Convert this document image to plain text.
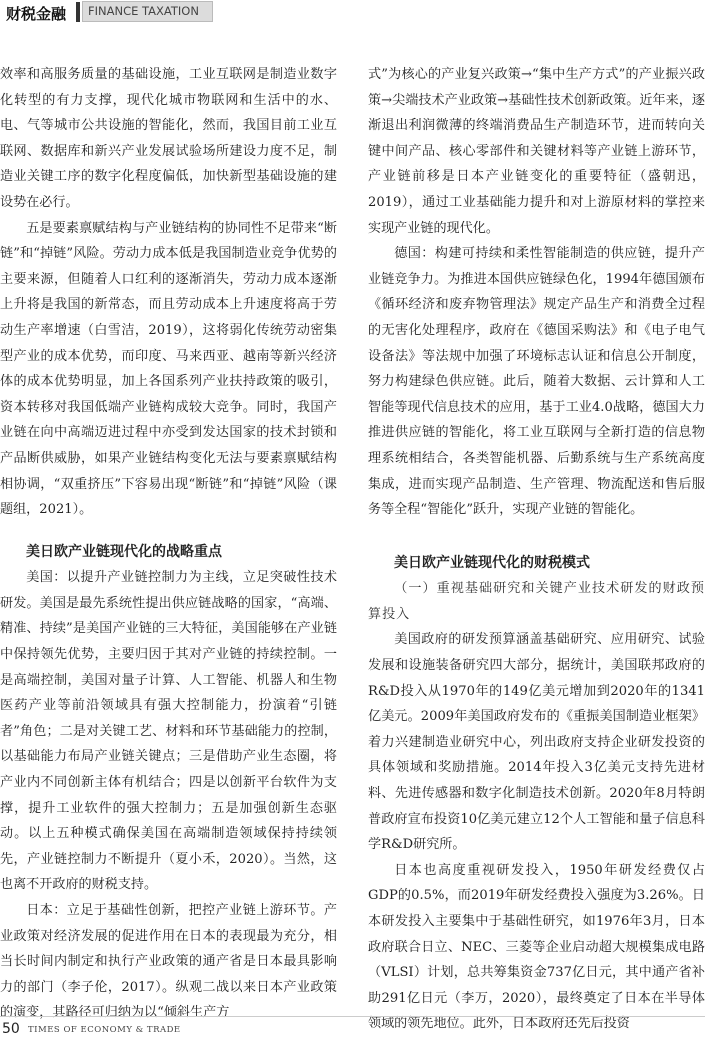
财税金融	FINANCE TAXATION

效率和高服务质量的基础设施，工业互联网是制造业数字化转型的有力支撑，现代化城市物联网和生活中的水、电、气等城市公共设施的智能化，然而，我国目前工业互联网、数据库和新兴产业发展试验场所建设力度不足，制造业关键工序的数字化程度偏低，加快新型基础设施的建设势在必行。

五是要素禀赋结构与产业链结构的协同性不足带来“断链”和“掉链”风险。劳动力成本低是我国制造业竞争优势的主要来源，但随着人口红利的逐渐消失，劳动力成本逐渐上升将是我国的新常态，而且劳动成本上升速度将高于劳动生产率增速（白雪洁，2019），这将弱化传统劳动密集型产业的成本优势，而印度、马来西亚、越南等新兴经济体的成本优势明显，加上各国系列产业扶持政策的吸引，资本转移对我国低端产业链构成较大竞争。同时，我国产业链在向中高端迈进过程中亦受到发达国家的技术封锁和产品断供威胁，如果产业链结构变化无法与要素禀赋结构相协调，“双重挤压”下容易出现“断链”和“掉链”风险（课题组，2021）。

美日欧产业链现代化的战略重点

美国：以提升产业链控制力为主线，立足突破性技术研发。美国是最先系统性提出供应链战略的国家，“高端、精准、持续”是美国产业链的三大特征，美国能够在产业链中保持领先优势，主要归因于其对产业链的持续控制。一是高端控制，美国对量子计算、人工智能、机器人和生物医药产业等前沿领域具有强大控制能力，扮演着“引链者”角色；二是对关键工艺、材料和环节基础能力的控制，以基础能力布局产业链关键点；三是借助产业生态圈，将产业内不同创新主体有机结合；四是以创新平台软件为支撑，提升工业软件的强大控制力；五是加强创新生态驱动。以上五种模式确保美国在高端制造领域保持持续领先，产业链控制力不断提升（夏小禾，2020）。当然，这也离不开政府的财税支持。

日本：立足于基础性创新，把控产业链上游环节。产业政策对经济发展的促进作用在日本的表现最为充分，相当长时间内制定和执行产业政策的通产省是日本最具影响力的部门（李子伦，2017）。纵观二战以来日本产业政策的演变，其路径可归纳为以“倾斜生产方

式”为核心的产业复兴政策→“集中生产方式”的产业振兴政策→尖端技术产业政策→基础性技术创新政策。近年来，逐渐退出利润微薄的终端消费品生产制造环节，进而转向关键中间产品、核心零部件和关键材料等产业链上游环节，产业链前移是日本产业链变化的重要特征（盛朝迅，2019），通过工业基础能力提升和对上游原材料的掌控来实现产业链的现代化。

德国：构建可持续和柔性智能制造的供应链，提升产业链竞争力。为推进本国供应链绿色化，1994年德国颁布《循环经济和废弃物管理法》规定产品生产和消费全过程的无害化处理程序，政府在《德国采购法》和《电子电气设备法》等法规中加强了环境标志认证和信息公开制度，努力构建绿色供应链。此后，随着大数据、云计算和人工智能等现代信息技术的应用，基于工业4.0战略，德国大力推进供应链的智能化，将工业互联网与全新打造的信息物理系统相结合，各类智能机器、后勤系统与生产系统高度集成，进而实现产品制造、生产管理、物流配送和售后服务等全程“智能化”跃升，实现产业链的智能化。

美日欧产业链现代化的财税模式

（一）重视基础研究和关键产业技术研发的财政预算投入

美国政府的研发预算涵盖基础研究、应用研究、试验发展和设施装备研究四大部分，据统计，美国联邦政府的R&D投入从1970年的149亿美元增加到2020年的1341亿美元。2009年美国政府发布的《重振美国制造业框架》着力兴建制造业研究中心，列出政府支持企业研发投资的具体领域和奖励措施。2014年投入3亿美元支持先进材料、先进传感器和数字化制造技术创新。2020年8月特朗普政府宣布投资10亿美元建立12个人工智能和量子信息科学R&D研究所。

日本也高度重视研发投入，1950年研发经费仅占GDP的0.5%，而2019年研发经费投入强度为3.26%。日本研发投入主要集中于基础性研究，如1976年3月，日本政府联合日立、NEC、三菱等企业启动超大规模集成电路（VLSI）计划，总共筹集资金737亿日元，其中通产省补助291亿日元（李万，2020），最终奠定了日本在半导体领域的领先地位。此外，日本政府还先后投资

50 TIMES OF ECONOMY & TRADE
